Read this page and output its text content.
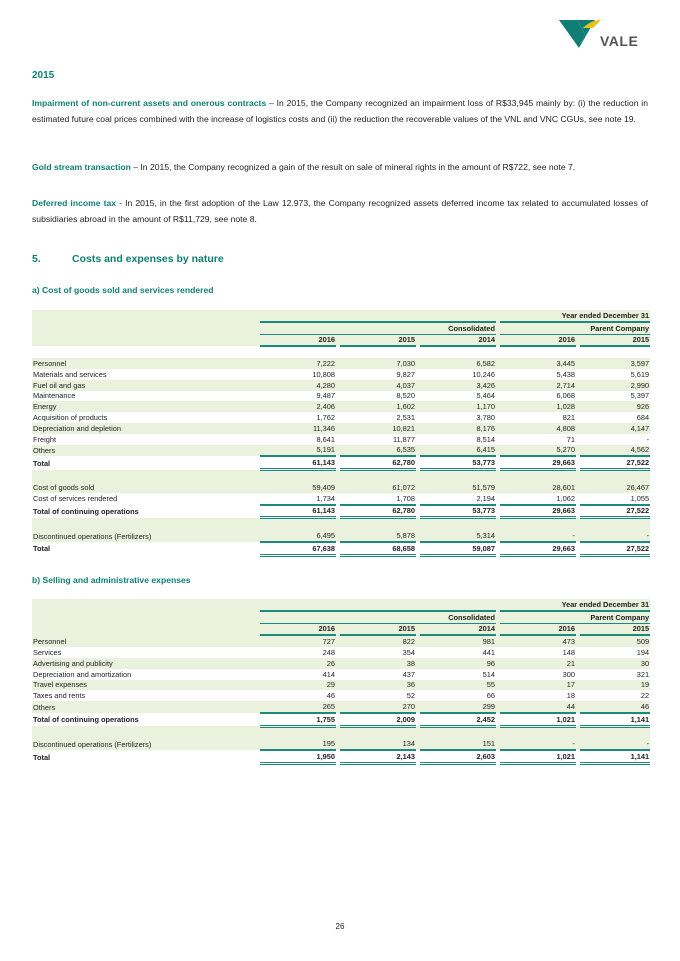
VALE
2015
Impairment of non-current assets and onerous contracts – In 2015, the Company recognized an impairment loss of R$33,945 mainly by: (i) the reduction in estimated future coal prices combined with the increase of logistics costs and (ii) the reduction the recoverable values of the VNL and VNC CGUs, see note 19.
Gold stream transaction – In 2015, the Company recognized a gain of the result on sale of mineral rights in the amount of R$722, see note 7.
Deferred income tax - In 2015, in the first adoption of the Law 12.973, the Company recognized assets deferred income tax related to accumulated losses of subsidiaries abroad in the amount of R$11,729, see note 8.
5.	Costs and expenses by nature
a) Cost of goods sold and services rendered
	Year ended December 31								
	Consolidated						Parent Company		
	2016		2015		2014		2016		2015

Personnel	7,222		7,030		6,582		3,445		3,597
Materials and services	10,808		9,827		10,246		5,438		5,619
Fuel oil and gas	4,280		4,037		3,426		2,714		2,990
Maintenance	9,487		8,520		5,464		6,068		5,397
Energy	2,406		1,602		1,170		1,028		926
Acquisition of products	1,762		2,531		3,780		821		684
Depreciation and depletion	11,346		10,821		8,176		4,808		4,147
Freight	8,641		11,877		8,514		71		-
Others	5,191		6,535		6,415		5,270		4,562
Total	61,143		62,780		53,773		29,663		27,522

Cost of goods sold	59,409		61,072		51,579		28,601		26,467
Cost of services rendered	1,734		1,708		2,194		1,062		1,055
Total of continuing operations	61,143		62,780		53,773		29,663		27,522

Discontinued operations (Fertilizers)	6,495		5,878		5,314		-		-
Total	67,638		68,658		59,087		29,663		27,522
b) Selling and administrative expenses
	Year ended December 31								
	Consolidated						Parent Company		
	2016		2015		2014		2016		2015
Personnel	727		822		981		473		509
Services	248		354		441		148		194
Advertising and publicity	26		38		96		21		30
Depreciation and amortization	414		437		514		300		321
Travel expenses	29		36		55		17		19
Taxes and rents	46		52		66		18		22
Others	265		270		299		44		46
Total of continuing operations	1,755		2,009		2,452		1,021		1,141

Discontinued operations (Fertilizers)	195		134		151		-		-
Total	1,950		2,143		2,603		1,021		1,141
26
